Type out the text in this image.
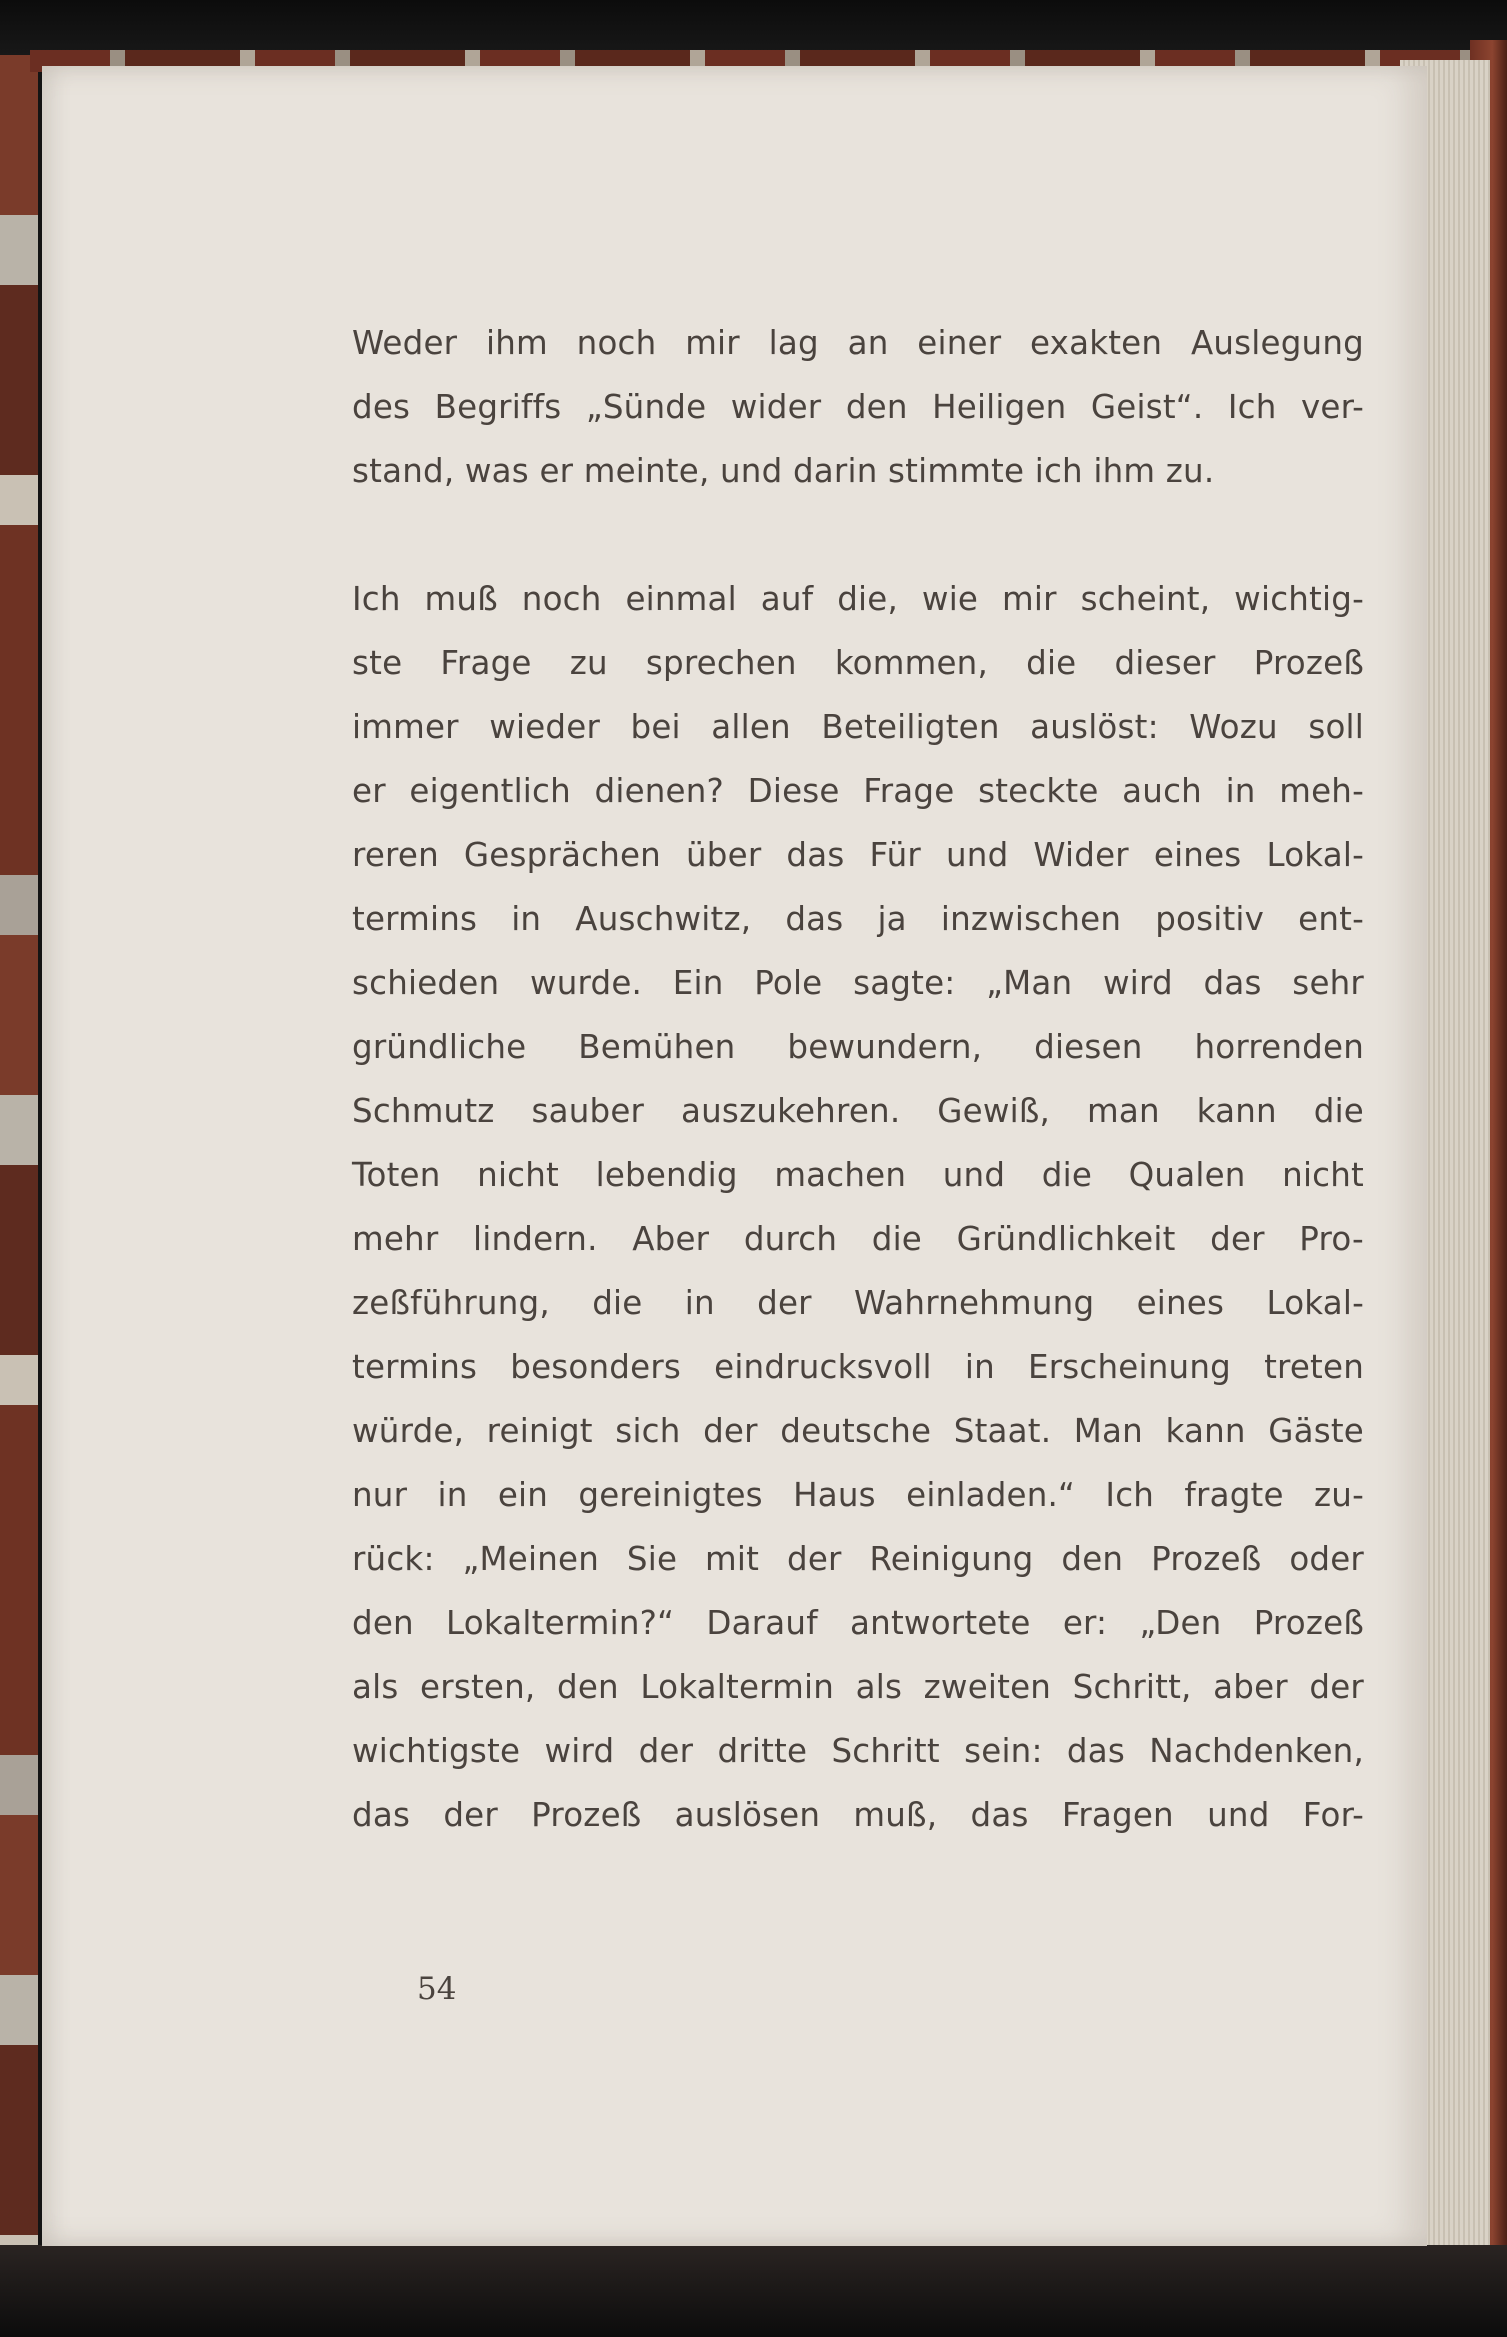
Weder ihm noch mir lag an einer exakten Auslegung
des Begriffs „Sünde wider den Heiligen Geist“. Ich ver-
stand, was er meinte, und darin stimmte ich ihm zu.

Ich muß noch einmal auf die, wie mir scheint, wichtig-
ste Frage zu sprechen kommen, die dieser Prozeß
immer wieder bei allen Beteiligten auslöst: Wozu soll
er eigentlich dienen? Diese Frage steckte auch in meh-
reren Gesprächen über das Für und Wider eines Lokal-
termins in Auschwitz, das ja inzwischen positiv ent-
schieden wurde. Ein Pole sagte: „Man wird das sehr
gründliche Bemühen bewundern, diesen horrenden
Schmutz sauber auszukehren. Gewiß, man kann die
Toten nicht lebendig machen und die Qualen nicht
mehr lindern. Aber durch die Gründlichkeit der Pro-
zeßführung, die in der Wahrnehmung eines Lokal-
termins besonders eindrucksvoll in Erscheinung treten
würde, reinigt sich der deutsche Staat. Man kann Gäste
nur in ein gereinigtes Haus einladen.“ Ich fragte zu-
rück: „Meinen Sie mit der Reinigung den Prozeß oder
den Lokaltermin?“ Darauf antwortete er: „Den Prozeß
als ersten, den Lokaltermin als zweiten Schritt, aber der
wichtigste wird der dritte Schritt sein: das Nachdenken,
das der Prozeß auslösen muß, das Fragen und For-

54
